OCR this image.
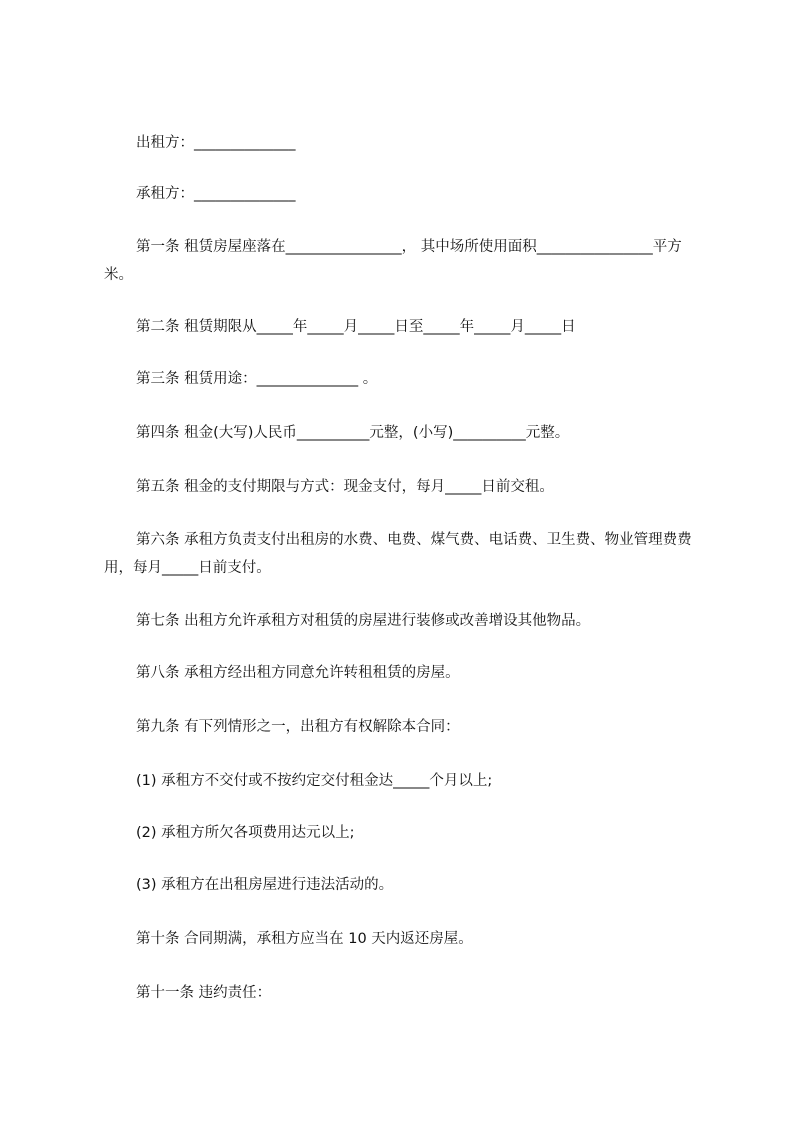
出租方：______________
承租方：______________
第一条 租赁房屋座落在________________， 其中场所使用面积________________平方米。
第二条 租赁期限从_____年_____月_____日至_____年_____月_____日
第三条 租赁用途：______________ 。
第四条 租金(大写)人民币__________元整，(小写)__________元整。
第五条 租金的支付期限与方式：现金支付，每月_____日前交租。
第六条 承租方负责支付出租房的水费、电费、煤气费、电话费、卫生费、物业管理费费用，每月_____日前支付。
第七条 出租方允许承租方对租赁的房屋进行装修或改善增设其他物品。
第八条 承租方经出租方同意允许转租租赁的房屋。
第九条 有下列情形之一，出租方有权解除本合同：
(1) 承租方不交付或不按约定交付租金达_____个月以上;
(2) 承租方所欠各项费用达元以上;
(3) 承租方在出租房屋进行违法活动的。
第十条 合同期满，承租方应当在 10 天内返还房屋。
第十一条 违约责任：
